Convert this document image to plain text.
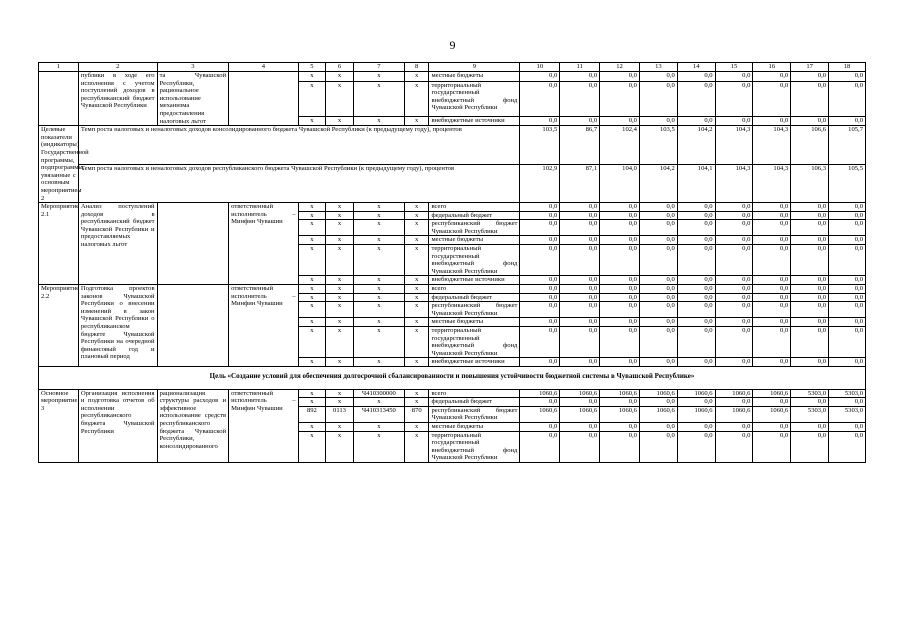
9
1	2	3	4	5	6	7	8	9	10	11	12	13	14	15	16	17	18
	публики в ходе его исполнения с учетом поступлений доходов в республиканский бюджет Чувашской Республики	та Чувашской Республики, рациональное использование механизма предоставления налоговых льгот		x	x	x	x	местные бюджеты	0,0	0,0	0,0	0,0	0,0	0,0	0,0	0,0	0,0
				x	x	x	x	территориальный государственный внебюджетный фонд Чувашской Республики	0,0	0,0	0,0	0,0	0,0	0,0	0,0	0,0	0,0
				x	x	x	x	внебюджетные источники	0,0	0,0	0,0	0,0	0,0	0,0	0,0	0,0	0,0
Целевые показатели (индикаторы) Государственной программы, подпрограммы, увязанные с основным мероприятием 2	Темп роста налоговых и неналоговых доходов консолидированного бюджета Чувашской Республики (к предыдущему году), процентов								103,5	86,7	102,4	103,5	104,2	104,3	104,3	106,6	105,7
	Темп роста налоговых и неналоговых доходов республиканского бюджета Чувашской Республики (к предыдущему году), процентов								102,9	87,1	104,0	104,2	104,1	104,3	104,3	106,3	105,5
Мероприятие 2.1	Анализ поступлений доходов в республиканский бюджет Чувашской Республики и предоставляемых налоговых льгот		ответственный исполнитель – Минфин Чувашии	x	x	x	x	всего	0,0	0,0	0,0	0,0	0,0	0,0	0,0	0,0	0,0
				x	x	x	x	федеральный бюджет	0,0	0,0	0,0	0,0	0,0	0,0	0,0	0,0	0,0
				x	x	x	x	республиканский бюджет Чувашской Республики	0,0	0,0	0,0	0,0	0,0	0,0	0,0	0,0	0,0
				x	x	x	x	местные бюджеты	0,0	0,0	0,0	0,0	0,0	0,0	0,0	0,0	0,0
				x	x	x	x	территориальный государственный внебюджетный фонд Чувашской Республики	0,0	0,0	0,0	0,0	0,0	0,0	0,0	0,0	0,0
				x	x	x	x	внебюджетные источники	0,0	0,0	0,0	0,0	0,0	0,0	0,0	0,0	0,0
Мероприятие 2.2	Подготовка проектов законов Чувашской Республики о внесении изменений в закон Чувашской Республики о республиканском бюджете Чувашской Республики на очередной финансовый год и плановый период		ответственный исполнитель – Минфин Чувашии	x	x	x	x	всего	0,0	0,0	0,0	0,0	0,0	0,0	0,0	0,0	0,0
				x	x	x	x	федеральный бюджет	0,0	0,0	0,0	0,0	0,0	0,0	0,0	0,0	0,0
				x	x	x	x	республиканский бюджет Чувашской Республики	0,0	0,0	0,0	0,0	0,0	0,0	0,0	0,0	0,0
				x	x	x	x	местные бюджеты	0,0	0,0	0,0	0,0	0,0	0,0	0,0	0,0	0,0
				x	x	x	x	территориальный государственный внебюджетный фонд Чувашской Республики	0,0	0,0	0,0	0,0	0,0	0,0	0,0	0,0	0,0
				x	x	x	x	внебюджетные источники	0,0	0,0	0,0	0,0	0,0	0,0	0,0	0,0	0,0
Цель «Создание условий для обеспечения долгосрочной сбалансированности и повышения устойчивости бюджетной системы в Чувашской Республике»																	
Основное мероприятие 3	Организация исполнения и подготовка отчетов об исполнении республиканского бюджета Чувашской Республики	рационализация структуры расходов и эффективное использование средств республиканского бюджета Чувашской Республики, консолидированного	ответственный исполнитель – Минфин Чувашии	x	x	Ч410300000	x	всего	1060,6	1060,6	1060,6	1060,6	1060,6	1060,6	1060,6	5303,0	5303,0
				x	x	x	x	федеральный бюджет	0,0	0,0	0,0	0,0	0,0	0,0	0,0	0,0	0,0
				892	0113	Ч410313450	870	республиканский бюджет Чувашской Республики	1060,6	1060,6	1060,6	1060,6	1060,6	1060,6	1060,6	5303,0	5303,0
				x	x	x	x	местные бюджеты	0,0	0,0	0,0	0,0	0,0	0,0	0,0	0,0	0,0
				x	x	x	x	территориальный государственный внебюджетный фонд Чувашской Республики	0,0	0,0	0,0	0,0	0,0	0,0	0,0	0,0	0,0
